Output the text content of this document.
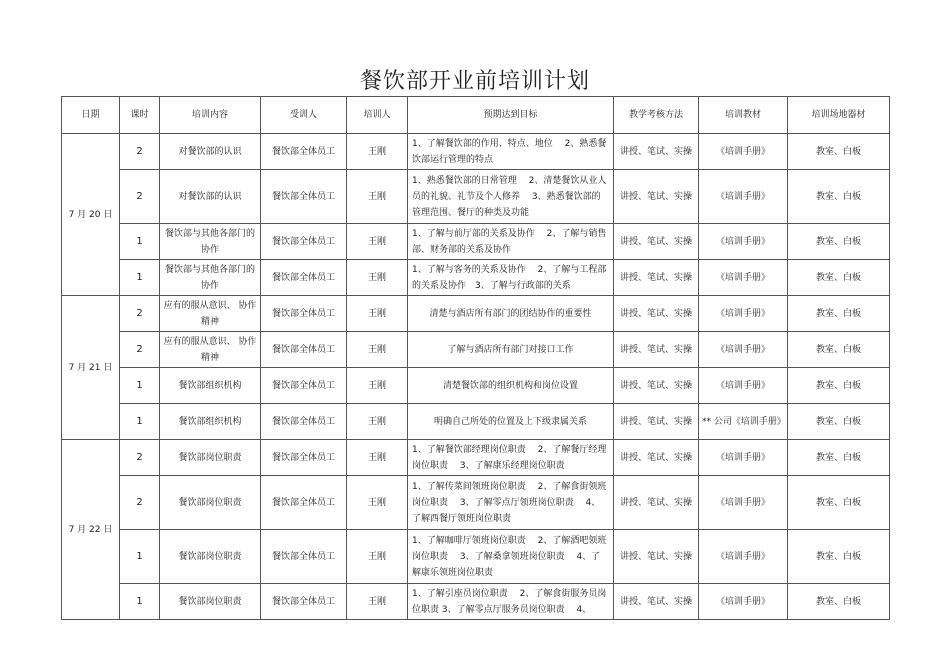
餐饮部开业前培训计划
日期	课时	培训内容	受训人	培训人	预期达到目标	教学考核方法	培训教材	培训场地器材
7 月 20 日	2	对餐饮部的认识	餐饮部全体员工	王刚	1、了解餐饮部的作用、特点、地位　 2、熟悉餐饮部运行管理的特点	讲授、笔试、实操	《培训手册》	教室、白板
	2	对餐饮部的认识	餐饮部全体员工	王刚	1、熟悉餐饮部的日常管理　 2、清楚餐饮从业人员的礼貌、礼节及个人修养　 3、熟悉餐饮部的管理范围、餐厅的种类及功能	讲授、笔试、实操	《培训手册》	教室、白板
	1	餐饮部与其他各部门的协作	餐饮部全体员工	王刚	1、了解与前厅部的关系及协作　 2、了解与销售部、财务部的关系及协作	讲授、笔试、实操	《培训手册》	教室、白板
	1	餐饮部与其他各部门的协作	餐饮部全体员工	王刚	1、了解与客务的关系及协作　 2、了解与工程部的关系及协作　3、了解与行政部的关系	讲授、笔试、实操	《培训手册》	教室、白板
7 月 21 日	2	应有的服从意识、 协作精神	餐饮部全体员工	王刚	清楚与酒店所有部门的团结协作的重要性	讲授、笔试、实操	《培训手册》	教室、白板
	2	应有的服从意识、 协作精神	餐饮部全体员工	王刚	了解与酒店所有部门对接口工作	讲授、笔试、实操	《培训手册》	教室、白板
	1	餐饮部组织机构	餐饮部全体员工	王刚	清楚餐饮部的组织机构和岗位设置	讲授、笔试、实操	《培训手册》	教室、白板
	1	餐饮部组织机构	餐饮部全体员工	王刚	明确自己所处的位置及上下级隶属关系	讲授、笔试、实操	** 公司《培训手册》	教室、白板
7 月 22 日	2	餐饮部岗位职责	餐饮部全体员工	王刚	1、了解餐饮部经理岗位职责　 2、了解餐厅经理岗位职责　 3、了解康乐经理岗位职责	讲授、笔试、实操	《培训手册》	教室、白板
	2	餐饮部岗位职责	餐饮部全体员工	王刚	1、了解传菜间领班岗位职责　 2、了解食街领班岗位职责　 3、了解零点厅领班岗位职责　 4、了解西餐厅领班岗位职责	讲授、笔试、实操	《培训手册》	教室、白板
	1	餐饮部岗位职责	餐饮部全体员工	王刚	1、了解咖啡厅领班岗位职责　 2、了解酒吧领班岗位职责　 3、了解桑拿领班岗位职责　 4、了解康乐领班岗位职责	讲授、笔试、实操	《培训手册》	教室、白板
	1	餐饮部岗位职责	餐饮部全体员工	王刚	1、了解引座员岗位职责　 2、了解食街服务员岗位职责 3、了解零点厅服务员岗位职责　 4、	讲授、笔试、实操	《培训手册》	教室、白板
